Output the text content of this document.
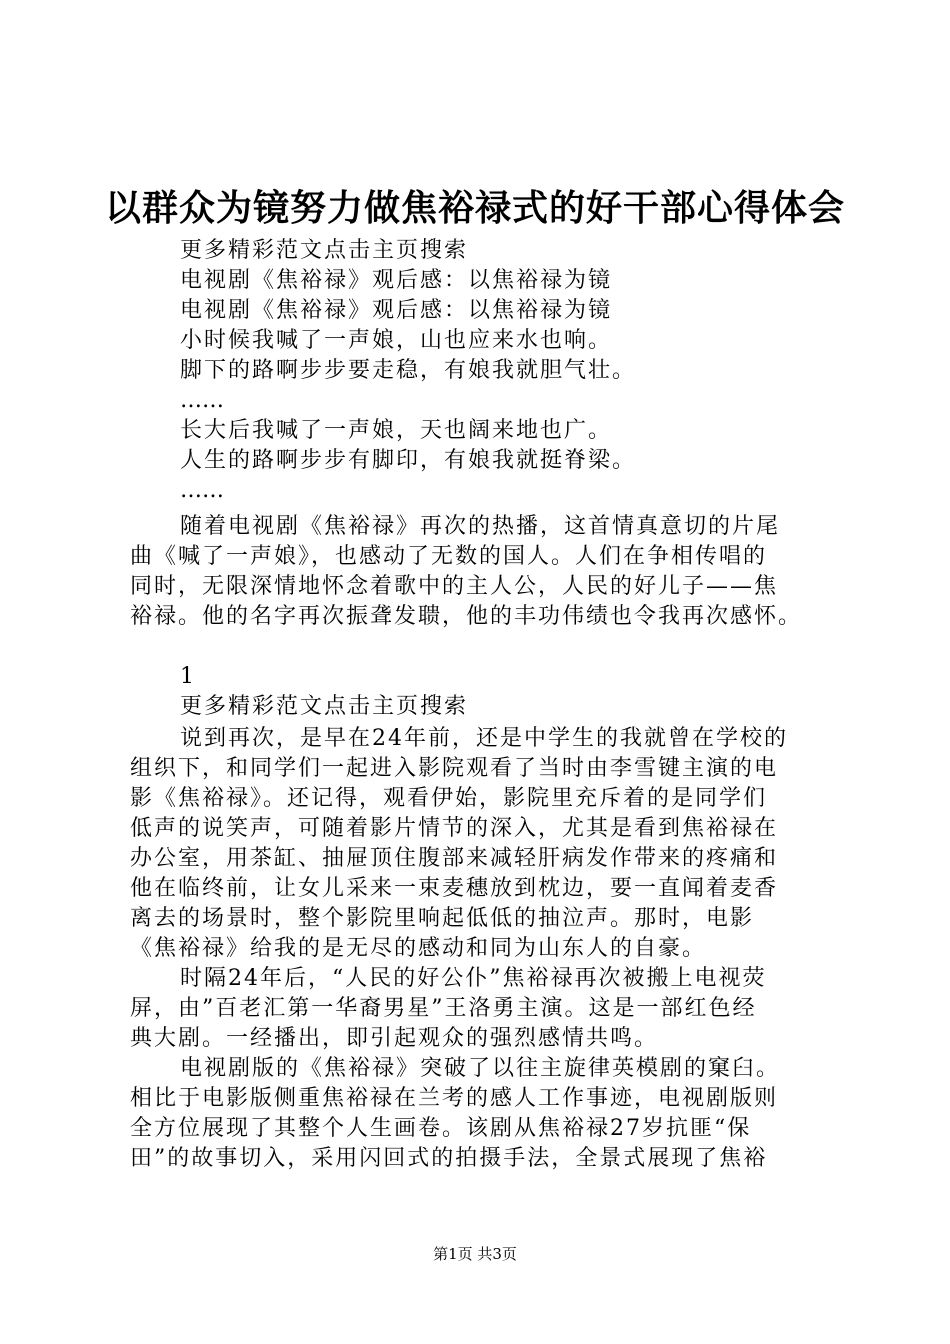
以群众为镜努力做焦裕禄式的好干部心得体会
更多精彩范文点击主页搜索
电视剧《焦裕禄》观后感：以焦裕禄为镜
电视剧《焦裕禄》观后感：以焦裕禄为镜
小时候我喊了一声娘，山也应来水也响。
脚下的路啊步步要走稳，有娘我就胆气壮。
……
长大后我喊了一声娘，天也阔来地也广。
人生的路啊步步有脚印，有娘我就挺脊梁。
……
随着电视剧《焦裕禄》再次的热播，这首情真意切的片尾
曲《喊了一声娘》，也感动了无数的国人。人们在争相传唱的
同时，无限深情地怀念着歌中的主人公，人民的好儿子——焦
裕禄。他的名字再次振聋发聩，他的丰功伟绩也令我再次感怀。
1
更多精彩范文点击主页搜索
说到再次，是早在24年前，还是中学生的我就曾在学校的
组织下，和同学们一起进入影院观看了当时由李雪键主演的电
影《焦裕禄》。还记得，观看伊始，影院里充斥着的是同学们
低声的说笑声，可随着影片情节的深入，尤其是看到焦裕禄在
办公室，用茶缸、抽屉顶住腹部来减轻肝病发作带来的疼痛和
他在临终前，让女儿采来一束麦穗放到枕边，要一直闻着麦香
离去的场景时，整个影院里响起低低的抽泣声。那时，电影
《焦裕禄》给我的是无尽的感动和同为山东人的自豪。
时隔24年后，“人民的好公仆”焦裕禄再次被搬上电视荧
屏，由”百老汇第一华裔男星”王洛勇主演。这是一部红色经
典大剧。一经播出，即引起观众的强烈感情共鸣。
电视剧版的《焦裕禄》突破了以往主旋律英模剧的窠臼。
相比于电影版侧重焦裕禄在兰考的感人工作事迹，电视剧版则
全方位展现了其整个人生画卷。该剧从焦裕禄27岁抗匪“保
田”的故事切入，采用闪回式的拍摄手法，全景式展现了焦裕
第1页 共3页
